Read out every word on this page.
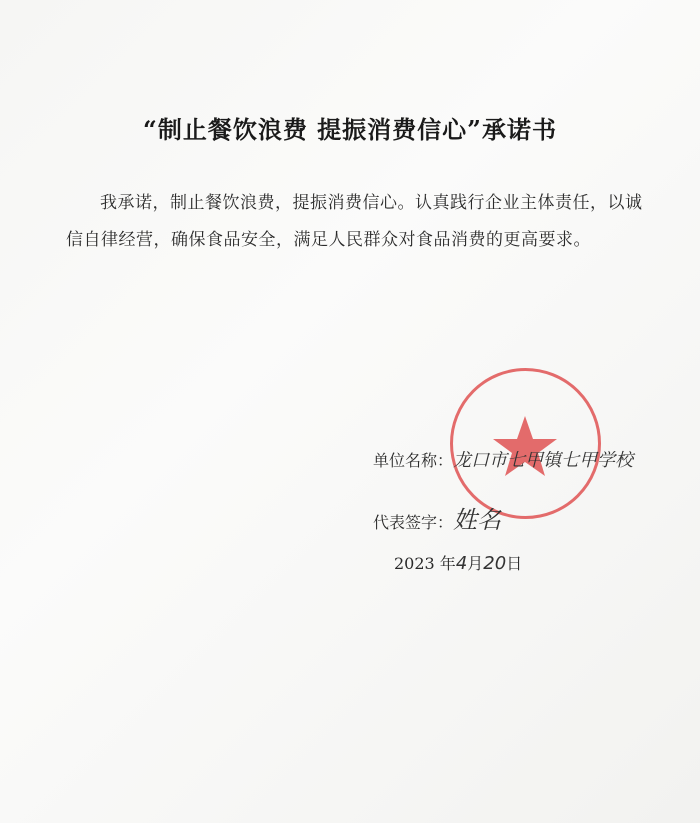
“制止餐饮浪费 提振消费信心”承诺书
我承诺，制止餐饮浪费，提振消费信心。认真践行企业主体责任，以诚信自律经营，确保食品安全，满足人民群众对食品消费的更高要求。
单位名称：龙口市七甲镇七甲学校
代表签字：姓名
2023 年4月20日
